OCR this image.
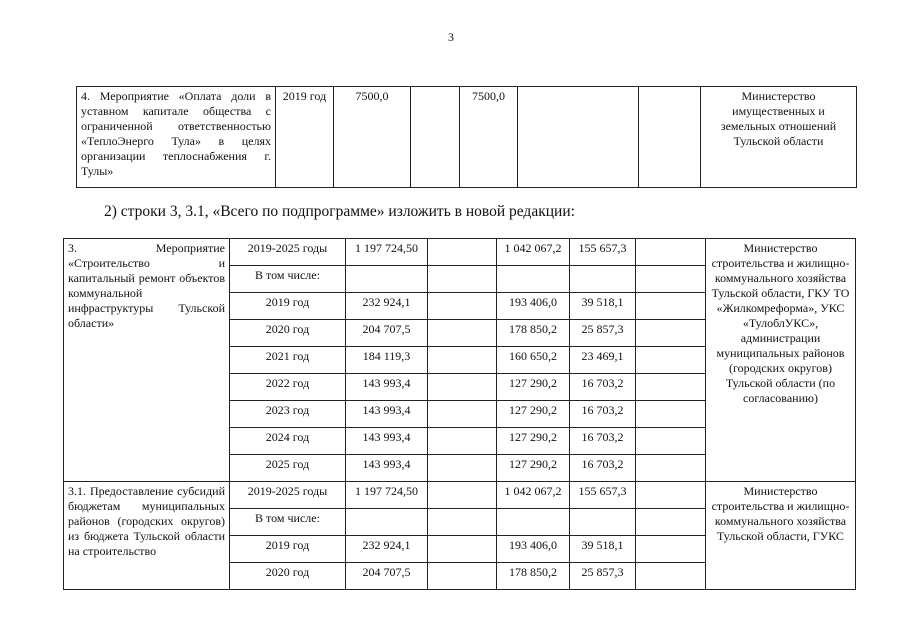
3
4. Мероприятие «Оплата доли в уставном капитале общества с ограниченной ответственностью «ТеплоЭнерго Тула» в целях организации теплоснабжения г. Тулы»	2019 год	7500,0		7500,0			Министерство имущественных и земельных отношений Тульской области
2) строки 3, 3.1, «Всего по подпрограмме» изложить в новой редакции:
3. Мероприятие «Строительство и капитальный ремонт объектов коммунальной инфраструктуры Тульской области»	2019-2025 годы	1 197 724,50		1 042 067,2	155 657,3		Министерство строительства и жилищно-коммунального хозяйства Тульской области, ГКУ ТО «Жилкомреформа», УКС «ТулоблУКС», администрации муниципальных районов (городских округов) Тульской области (по согласованию)
	В том числе:						
	2019 год	232 924,1		193 406,0	39 518,1		
	2020 год	204 707,5		178 850,2	25 857,3		
	2021 год	184 119,3		160 650,2	23 469,1		
	2022 год	143 993,4		127 290,2	16 703,2		
	2023 год	143 993,4		127 290,2	16 703,2		
	2024 год	143 993,4		127 290,2	16 703,2		
	2025 год	143 993,4		127 290,2	16 703,2		
3.1. Предоставление субсидий бюджетам муниципальных районов (городских округов) из бюджета Тульской области на строительство	2019-2025 годы	1 197 724,50		1 042 067,2	155 657,3		Министерство строительства и жилищно-коммунального хозяйства Тульской области, ГУКС
	В том числе:						
	2019 год	232 924,1		193 406,0	39 518,1		
	2020 год	204 707,5		178 850,2	25 857,3		
